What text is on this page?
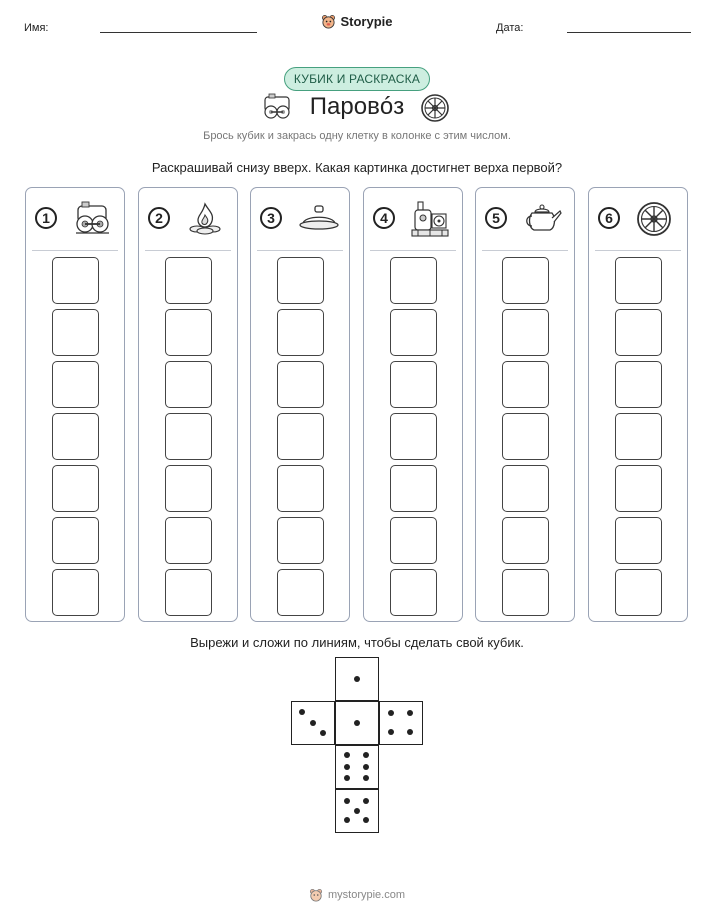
Имя:	Storypie	Дата:
КУБИК И РАСКРАСКА
Паровóз
Брось кубик и закрась одну клетку в колонке с этим числом.
Раскрашивай снизу вверх. Какая картинка достигнет верха первой?
1	2	3	4	5	6
Вырежи и сложи по линиям, чтобы сделать свой кубик.
mystorypie.com
